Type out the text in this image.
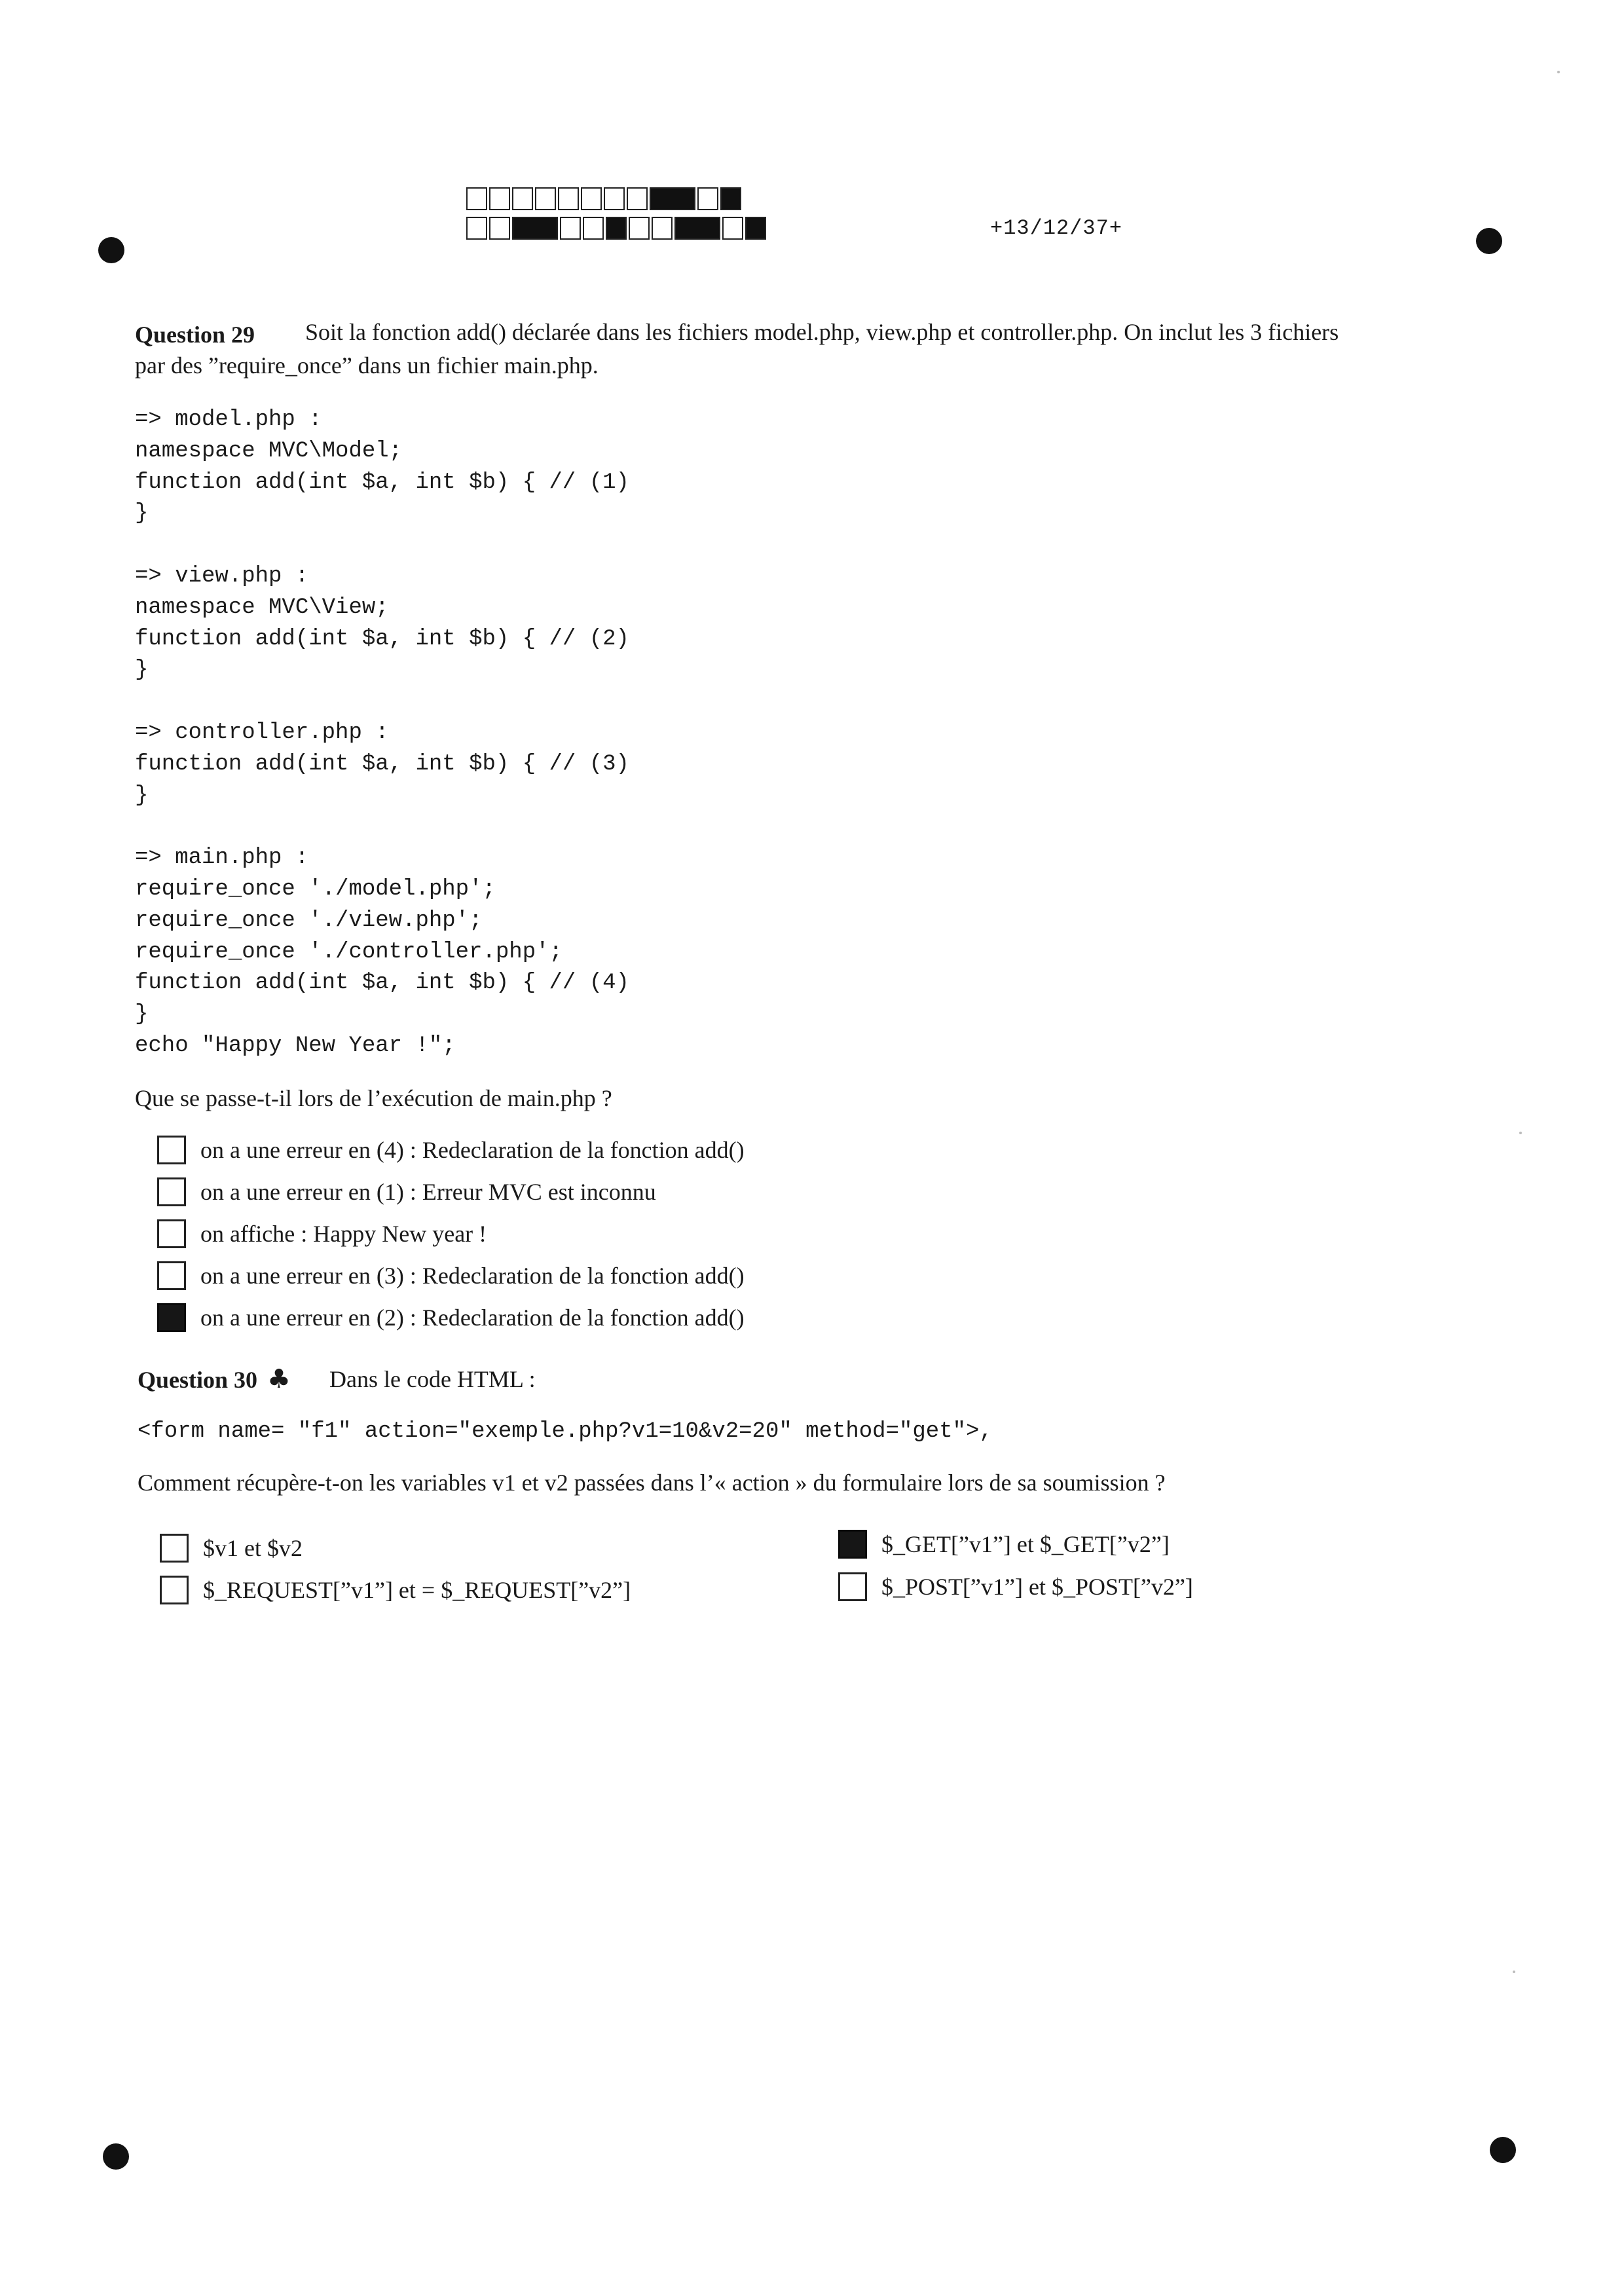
+13/12/37+
Question 29 Soit la fonction add() déclarée dans les fichiers model.php, view.php et controller.php. On inclut les 3 fichiers
par des ”require_once” dans un fichier main.php.
=> model.php :
namespace MVC\Model;
function add(int $a, int $b) { // (1)
}

=> view.php :
namespace MVC\View;
function add(int $a, int $b) { // (2)
}

=> controller.php :
function add(int $a, int $b) { // (3)
}

=> main.php :
require_once './model.php';
require_once './view.php';
require_once './controller.php';
function add(int $a, int $b) { // (4)
}
echo "Happy New Year !";
Que se passe-t-il lors de l’exécution de main.php ?
on a une erreur en (4) : Redeclaration de la fonction add()
on a une erreur en (1) : Erreur MVC est inconnu
on affiche : Happy New year !
on a une erreur en (3) : Redeclaration de la fonction add()
on a une erreur en (2) : Redeclaration de la fonction add()
Question 30 ♣ Dans le code HTML :
<form name= "f1" action="exemple.php?v1=10&v2=20" method="get">,
Comment récupère-t-on les variables v1 et v2 passées dans l’« action » du formulaire lors de sa soumission ?
$v1 et $v2
$_REQUEST[”v1”] et = $_REQUEST[”v2”]
$_GET[”v1”] et $_GET[”v2”]
$_POST[”v1”] et $_POST[”v2”]
